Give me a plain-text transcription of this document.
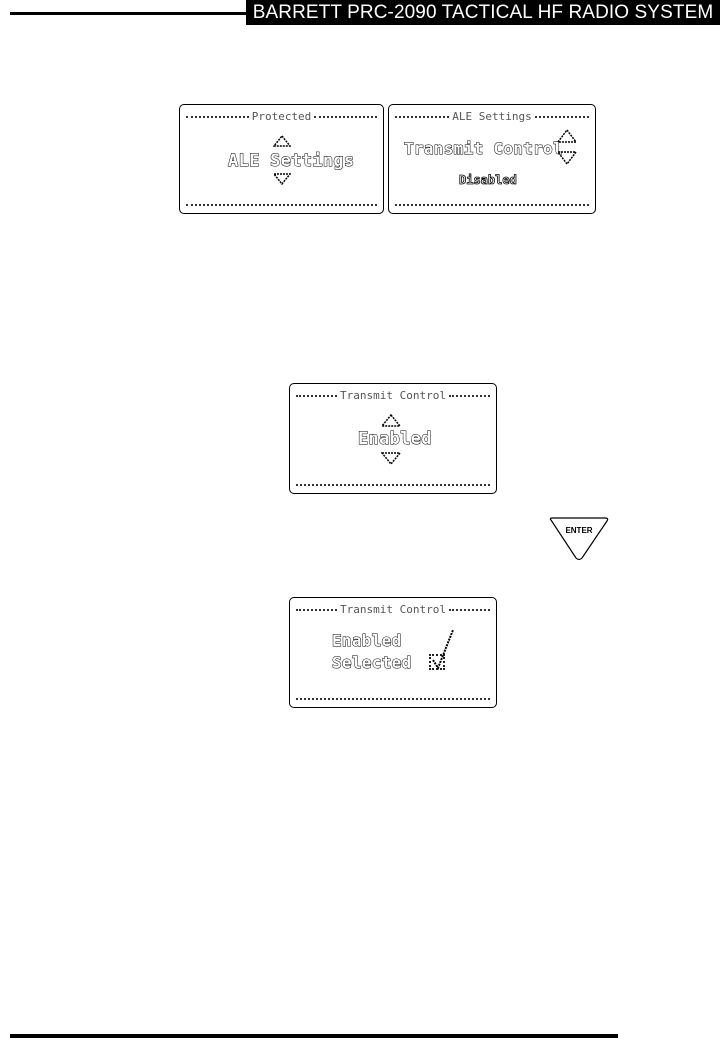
BARRETT PRC-2090 TACTICAL HF RADIO SYSTEM
Protected
ALE Settings
ALE Settings
Transmit Control
Disabled
Transmit Control
Enabled
ENTER
Transmit Control
Enabled
Selected
